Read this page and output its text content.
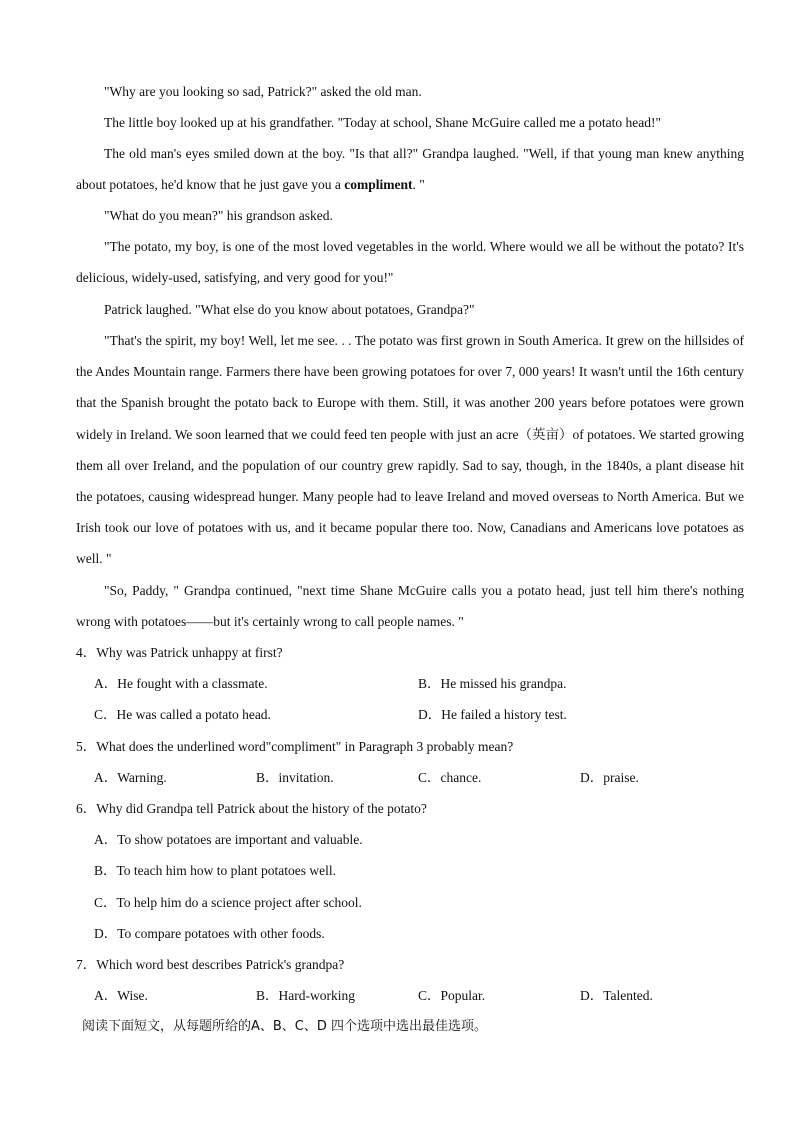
"Why are you looking so sad, Patrick?" asked the old man.

The little boy looked up at his grandfather. "Today at school, Shane McGuire called me a potato head!"

The old man's eyes smiled down at the boy. "Is that all?" Grandpa laughed. "Well, if that young man knew anything about potatoes, he'd know that he just gave you a compliment. "

"What do you mean?" his grandson asked.

"The potato, my boy, is one of the most loved vegetables in the world. Where would we all be without the potato? It's delicious, widely-used, satisfying, and very good for you!"

Patrick laughed. "What else do you know about potatoes, Grandpa?"

"That's the spirit, my boy! Well, let me see. . . The potato was first grown in South America. It grew on the hillsides of the Andes Mountain range. Farmers there have been growing potatoes for over 7, 000 years! It wasn't until the 16th century that the Spanish brought the potato back to Europe with them. Still, it was another 200 years before potatoes were grown widely in Ireland. We soon learned that we could feed ten people with just an acre（英亩）of potatoes. We started growing them all over Ireland, and the population of our country grew rapidly. Sad to say, though, in the 1840s, a plant disease hit the potatoes, causing widespread hunger. Many people had to leave Ireland and moved overseas to North America. But we Irish took our love of potatoes with us, and it became popular there too. Now, Canadians and Americans love potatoes as well. "

"So, Paddy, " Grandpa continued, "next time Shane McGuire calls you a potato head, just tell him there's nothing wrong with potatoes——but it's certainly wrong to call people names. "

4．Why was Patrick unhappy at first?

A．He fought with a classmate.	B．He missed his grandpa.

C．He was called a potato head.	D．He failed a history test.

5．What does the underlined word"compliment" in Paragraph 3 probably mean?

A．Warning.	B．invitation.	C．chance.	D．praise.

6．Why did Grandpa tell Patrick about the history of the potato?

A．To show potatoes are important and valuable.

B．To teach him how to plant potatoes well.

C．To help him do a science project after school.

D．To compare potatoes with other foods.

7．Which word best describes Patrick's grandpa?

A．Wise.	B．Hard-working	C．Popular.	D．Talented.

阅读下面短文，从每题所给的A、B、C、D 四个选项中选出最佳选项。
